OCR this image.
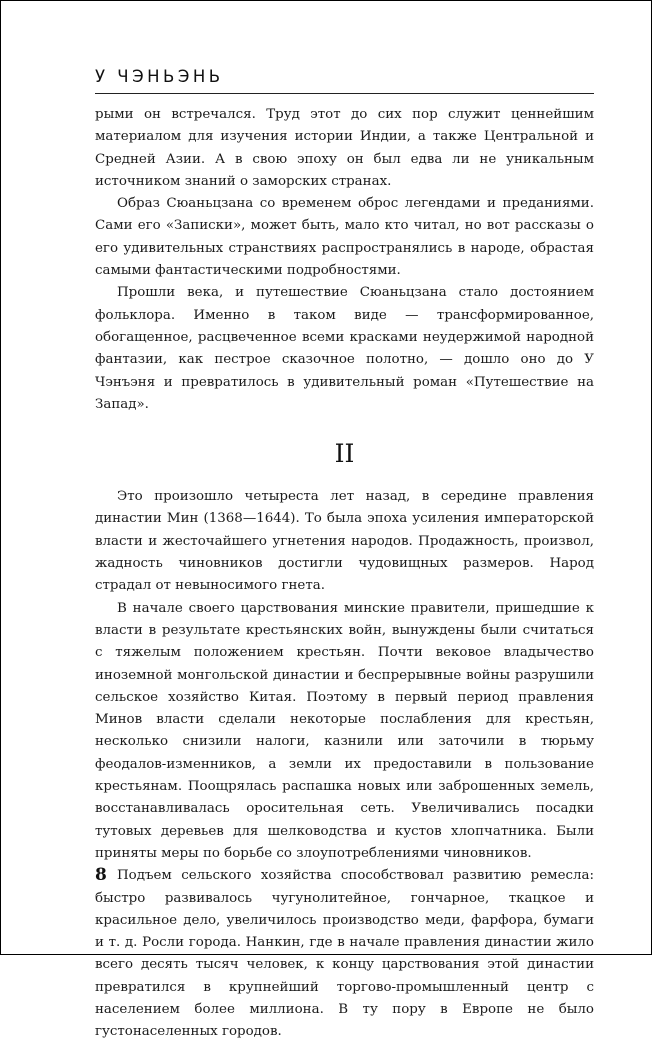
У ЧЭНЬЭНЬ

рыми он встречался. Труд этот до сих пор служит ценнейшим материалом для изучения истории Индии, а также Центральной и Средней Азии. А в свою эпоху он был едва ли не уникальным источником знаний о заморских странах.

Образ Сюаньцзана со временем оброс легендами и преданиями. Сами его «Записки», может быть, мало кто читал, но вот рассказы о его удивительных странствиях распространялись в народе, обрастая самыми фантастическими подробностями.

Прошли века, и путешествие Сюаньцзана стало достоянием фольклора. Именно в таком виде — трансформированное, обогащенное, расцвеченное всеми красками неудержимой народной фантазии, как пестрое сказочное полотно, — дошло оно до У Чэнъэня и превратилось в удивительный роман «Путешествие на Запад».

II

Это произошло четыреста лет назад, в середине правления династии Мин (1368—1644). То была эпоха усиления императорской власти и жесточайшего угнетения народов. Продажность, произвол, жадность чиновников достигли чудовищных размеров. Народ страдал от невыносимого гнета.

В начале своего царствования минские правители, пришедшие к власти в результате крестьянских войн, вынуждены были считаться с тяжелым положением крестьян. Почти вековое владычество иноземной монгольской династии и беспрерывные войны разрушили сельское хозяйство Китая. Поэтому в первый период правления Минов власти сделали некоторые послабления для крестьян, несколько снизили налоги, казнили или заточили в тюрьму феодалов-изменников, а земли их предоставили в пользование крестьянам. Поощрялась распашка новых или заброшенных земель, восстанавливалась оросительная сеть. Увеличивались посадки тутовых деревьев для шелководства и кустов хлопчатника. Были приняты меры по борьбе со злоупотреблениями чиновников.

Подъем сельского хозяйства способствовал развитию ремесла: быстро развивалось чугунолитейное, гончарное, ткацкое и красильное дело, увеличилось производство меди, фарфора, бумаги и т. д. Росли города. Нанкин, где в начале правления династии жило всего десять тысяч человек, к концу царствования этой династии превратился в крупнейший торгово-промышленный центр с населением более миллиона. В ту пору в Европе не было густонаселенных городов.

8
